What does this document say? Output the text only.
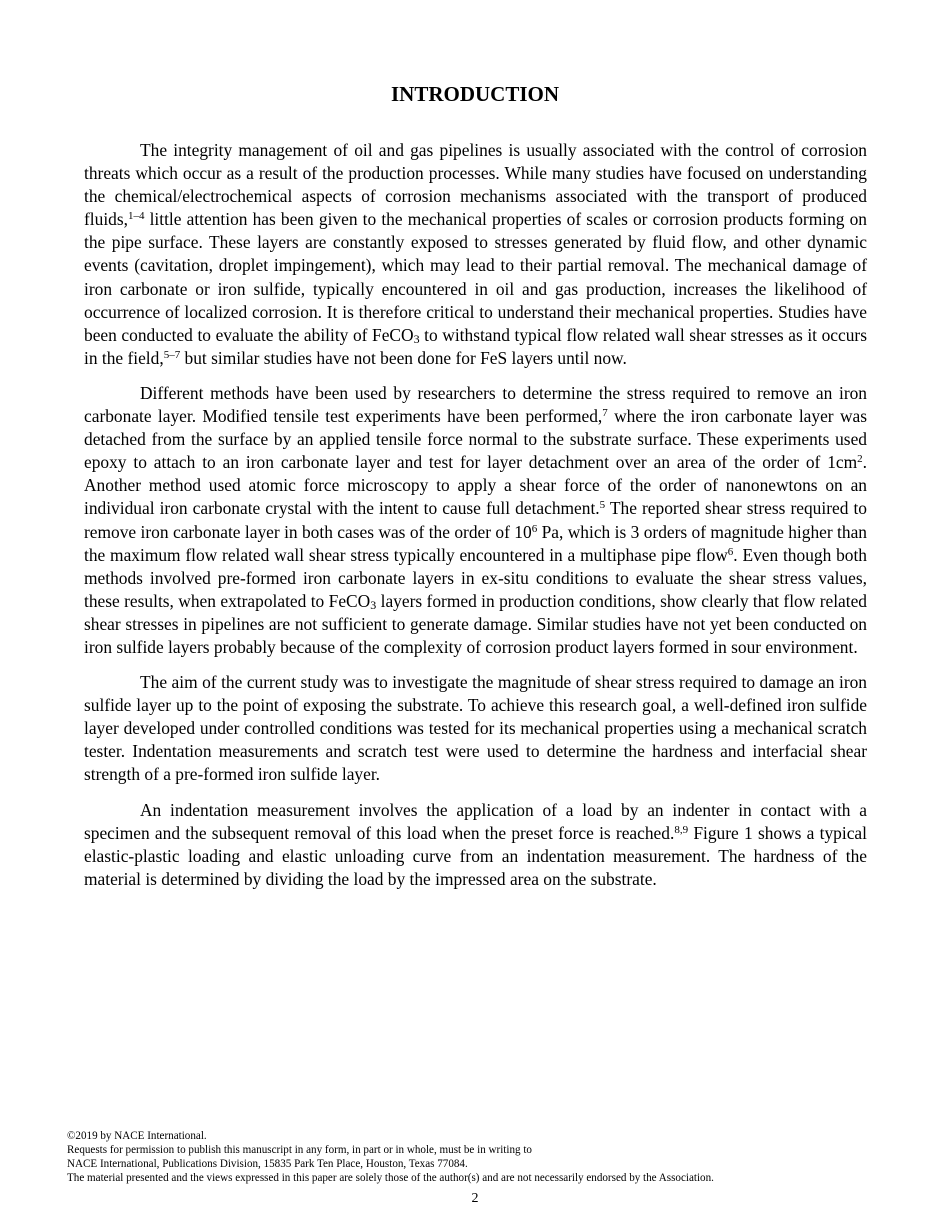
INTRODUCTION

The integrity management of oil and gas pipelines is usually associated with the control of corrosion threats which occur as a result of the production processes. While many studies have focused on understanding the chemical/electrochemical aspects of corrosion mechanisms associated with the transport of produced fluids,$^{1-4}$ little attention has been given to the mechanical properties of scales or corrosion products forming on the pipe surface. These layers are constantly exposed to stresses generated by fluid flow, and other dynamic events (cavitation, droplet impingement), which may lead to their partial removal. The mechanical damage of iron carbonate or iron sulfide, typically encountered in oil and gas production, increases the likelihood of occurrence of localized corrosion. It is therefore critical to understand their mechanical properties. Studies have been conducted to evaluate the ability of FeCO$_3$ to withstand typical flow related wall shear stresses as it occurs in the field,$^{5-7}$ but similar studies have not been done for FeS layers until now.

Different methods have been used by researchers to determine the stress required to remove an iron carbonate layer. Modified tensile test experiments have been performed,$^7$ where the iron carbonate layer was detached from the surface by an applied tensile force normal to the substrate surface. These experiments used epoxy to attach to an iron carbonate layer and test for layer detachment over an area of the order of $1cm^2$. Another method used atomic force microscopy to apply a shear force of the order of nanonewtons on an individual iron carbonate crystal with the intent to cause full detachment.$^5$ The reported shear stress required to remove iron carbonate layer in both cases was of the order of $10^6$ Pa, which is 3 orders of magnitude higher than the maximum flow related wall shear stress typically encountered in a multiphase pipe flow$^6$. Even though both methods involved pre-formed iron carbonate layers in ex-situ conditions to evaluate the shear stress values, these results, when extrapolated to FeCO$_3$ layers formed in production conditions, show clearly that flow related shear stresses in pipelines are not sufficient to generate damage. Similar studies have not yet been conducted on iron sulfide layers probably because of the complexity of corrosion product layers formed in sour environment.

The aim of the current study was to investigate the magnitude of shear stress required to damage an iron sulfide layer up to the point of exposing the substrate. To achieve this research goal, a well-defined iron sulfide layer developed under controlled conditions was tested for its mechanical properties using a mechanical scratch tester. Indentation measurements and scratch test were used to determine the hardness and interfacial shear strength of a pre-formed iron sulfide layer.

An indentation measurement involves the application of a load by an indenter in contact with a specimen and the subsequent removal of this load when the preset force is reached.$^{8,9}$ Figure 1 shows a typical elastic-plastic loading and elastic unloading curve from an indentation measurement. The hardness of the material is determined by dividing the load by the impressed area on the substrate.

©2019 by NACE International.
Requests for permission to publish this manuscript in any form, in part or in whole, must be in writing to
NACE International, Publications Division, 15835 Park Ten Place, Houston, Texas 77084.
The material presented and the views expressed in this paper are solely those of the author(s) and are not necessarily endorsed by the Association.
2
